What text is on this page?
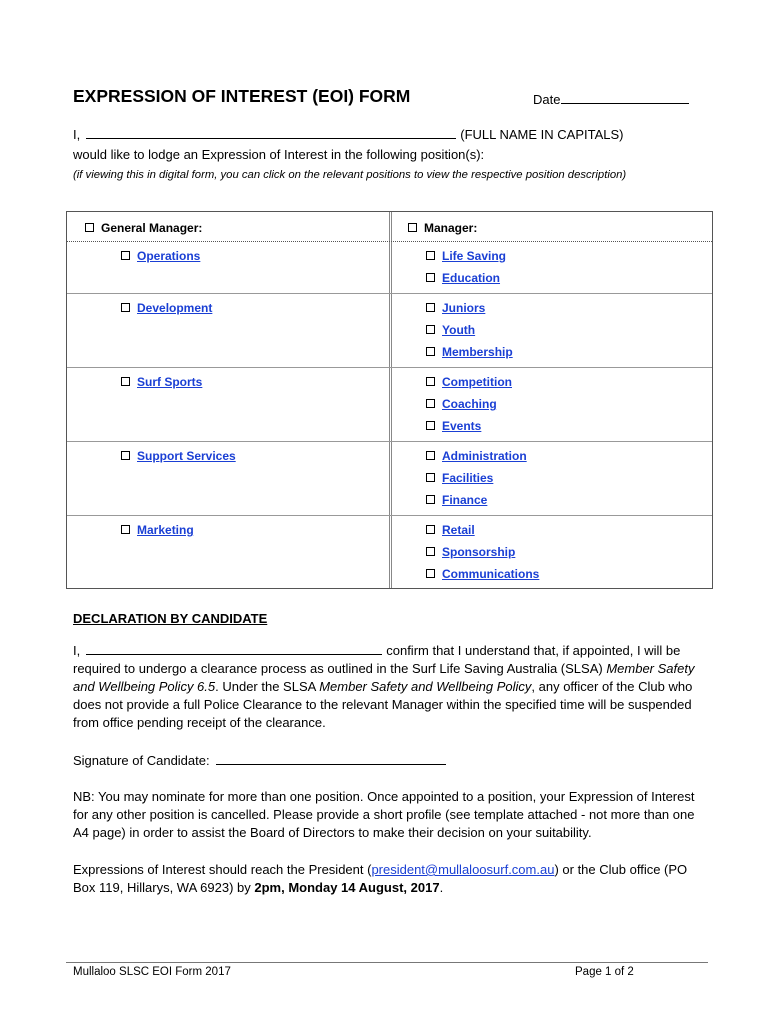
EXPRESSION OF INTEREST (EOI) FORM	Date
I,	(FULL NAME IN CAPITALS)
would like to lodge an Expression of Interest in the following position(s):
(if viewing this in digital form, you can click on the relevant positions to view the respective position description)
General Manager:	Manager:
Operations	Life Saving
Education
Development	Juniors
Youth
Membership
Surf Sports	Competition
Coaching
Events
Support Services	Administration
Facilities
Finance
Marketing	Retail
Sponsorship
Communications
DECLARATION BY CANDIDATE
I,	confirm that I understand that, if appointed, I will be required to undergo a clearance process as outlined in the Surf Life Saving Australia (SLSA) Member Safety and Wellbeing Policy 6.5. Under the SLSA Member Safety and Wellbeing Policy, any officer of the Club who does not provide a full Police Clearance to the relevant Manager within the specified time will be suspended from office pending receipt of the clearance.
Signature of Candidate:
NB: You may nominate for more than one position. Once appointed to a position, your Expression of Interest for any other position is cancelled. Please provide a short profile (see template attached - not more than one A4 page) in order to assist the Board of Directors to make their decision on your suitability.
Expressions of Interest should reach the President (president@mullaloosurf.com.au) or the Club office (PO Box 119, Hillarys, WA 6923) by 2pm, Monday 14 August, 2017.
Mullaloo SLSC EOI Form 2017	Page 1 of 2
